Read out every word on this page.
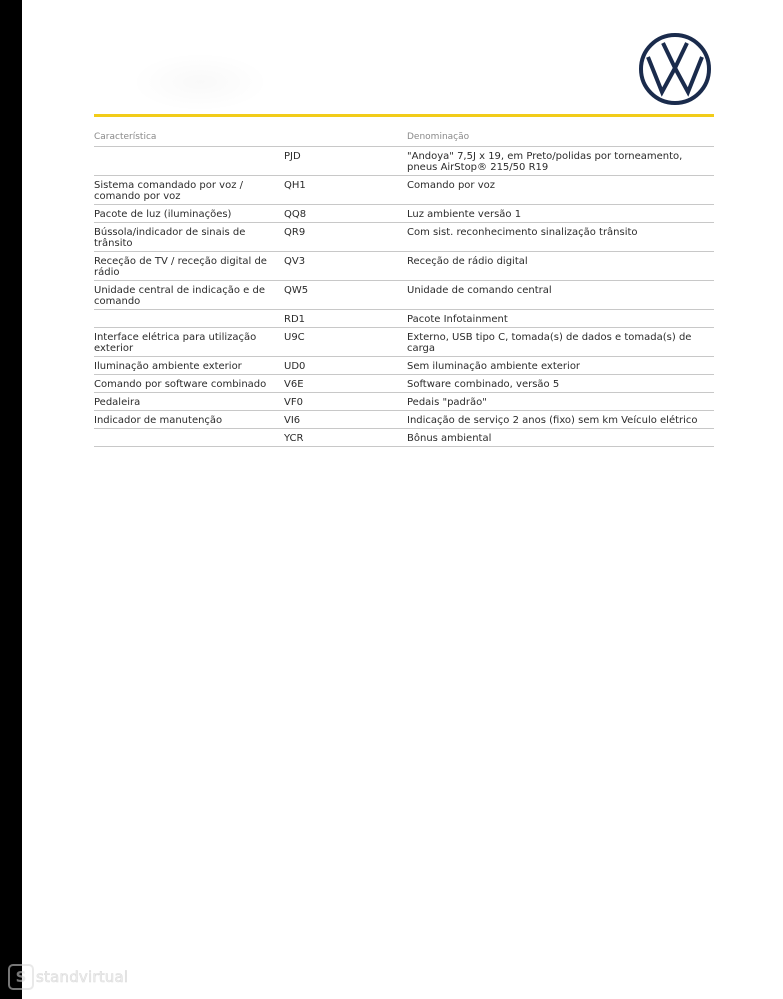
Característica		Denominação
	PJD	"Andoya" 7,5J x 19, em Preto/polidas por torneamento, pneus AirStop® 215/50 R19
Sistema comandado por voz / comando por voz	QH1	Comando por voz
Pacote de luz (iluminações)	QQ8	Luz ambiente versão 1
Bússola/indicador de sinais de trânsito	QR9	Com sist. reconhecimento sinalização trânsito
Receção de TV / receção digital de rádio	QV3	Receção de rádio digital
Unidade central de indicação e de comando	QW5	Unidade de comando central
	RD1	Pacote Infotainment
Interface elétrica para utilização exterior	U9C	Externo, USB tipo C, tomada(s) de dados e tomada(s) de carga
Iluminação ambiente exterior	UD0	Sem iluminação ambiente exterior
Comando por software combinado	V6E	Software combinado, versão 5
Pedaleira	VF0	Pedais "padrão"
Indicador de manutenção	VI6	Indicação de serviço 2 anos (fixo) sem km Veículo elétrico
	YCR	Bônus ambiental
S standvirtual
